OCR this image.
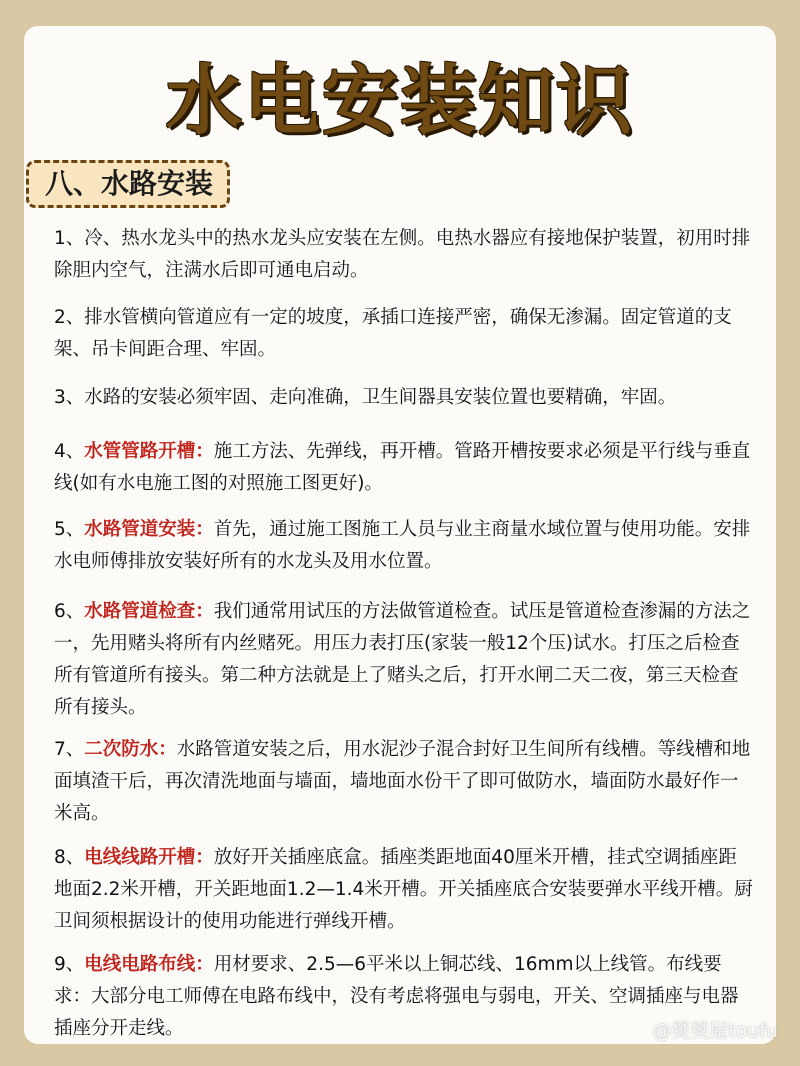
水电安装知识
八、水路安装

1、冷、热水龙头中的热水龙头应安装在左侧。电热水器应有接地保护装置，初用时排除胆内空气，注满水后即可通电启动。

2、排水管横向管道应有一定的坡度，承插口连接严密，确保无渗漏。固定管道的支架、吊卡间距合理、牢固。

3、水路的安装必须牢固、走向准确，卫生间器具安装位置也要精确，牢固。

4、水管管路开槽：施工方法、先弹线，再开槽。管路开槽按要求必须是平行线与垂直线(如有水电施工图的对照施工图更好)。

5、水路管道安装：首先，通过施工图施工人员与业主商量水域位置与使用功能。安排水电师傅排放安装好所有的水龙头及用水位置。

6、水路管道检查：我们通常用试压的方法做管道检查。试压是管道检查渗漏的方法之一，先用赌头将所有内丝赌死。用压力表打压(家装一般12个压)试水。打压之后检查所有管道所有接头。第二种方法就是上了赌头之后，打开水闸二天二夜，第三天检查所有接头。

7、二次防水：水路管道安装之后，用水泥沙子混合封好卫生间所有线槽。等线槽和地面填渣干后，再次清洗地面与墙面，墙地面水份干了即可做防水，墙面防水最好作一米高。

8、电线线路开槽：放好开关插座底盒。插座类距地面40厘米开槽，挂式空调插座距地面2.2米开槽，开关距地面1.2—1.4米开槽。开关插座底合安装要弹水平线开槽。厨卫间须根据设计的使用功能进行弹线开槽。

9、电线电路布线：用材要求、2.5—6平米以上铜芯线、16mm以上线管。布线要求：大部分电工师傅在电路布线中，没有考虑将强电与弱电，开关、空调插座与电器插座分开走线。	@樊樊屋toufu
